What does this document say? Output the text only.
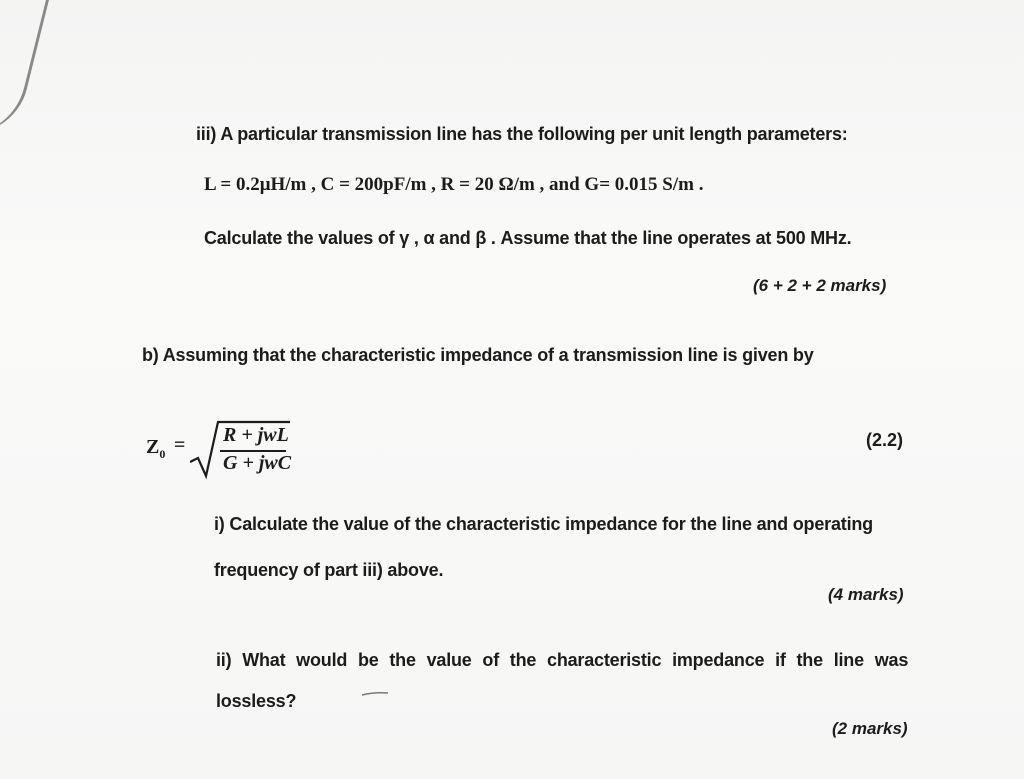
iii) A particular transmission line has the following per unit length parameters:
L = 0.2μH/m , C = 200pF/m , R = 20 Ω/m , and G= 0.015 S/m .
Calculate the values of γ , α and β . Assume that the line operates at 500 MHz.
(6 + 2 + 2 marks)
b) Assuming that the characteristic impedance of a transmission line is given by
$Z_0 = R$ + jwL
G + jwC
(2.2)
i) Calculate the value of the characteristic impedance for the line and operating
frequency of part iii) above.
(4 marks)
ii) What would be the value of the characteristic impedance if the line was
lossless?
(2 marks)
